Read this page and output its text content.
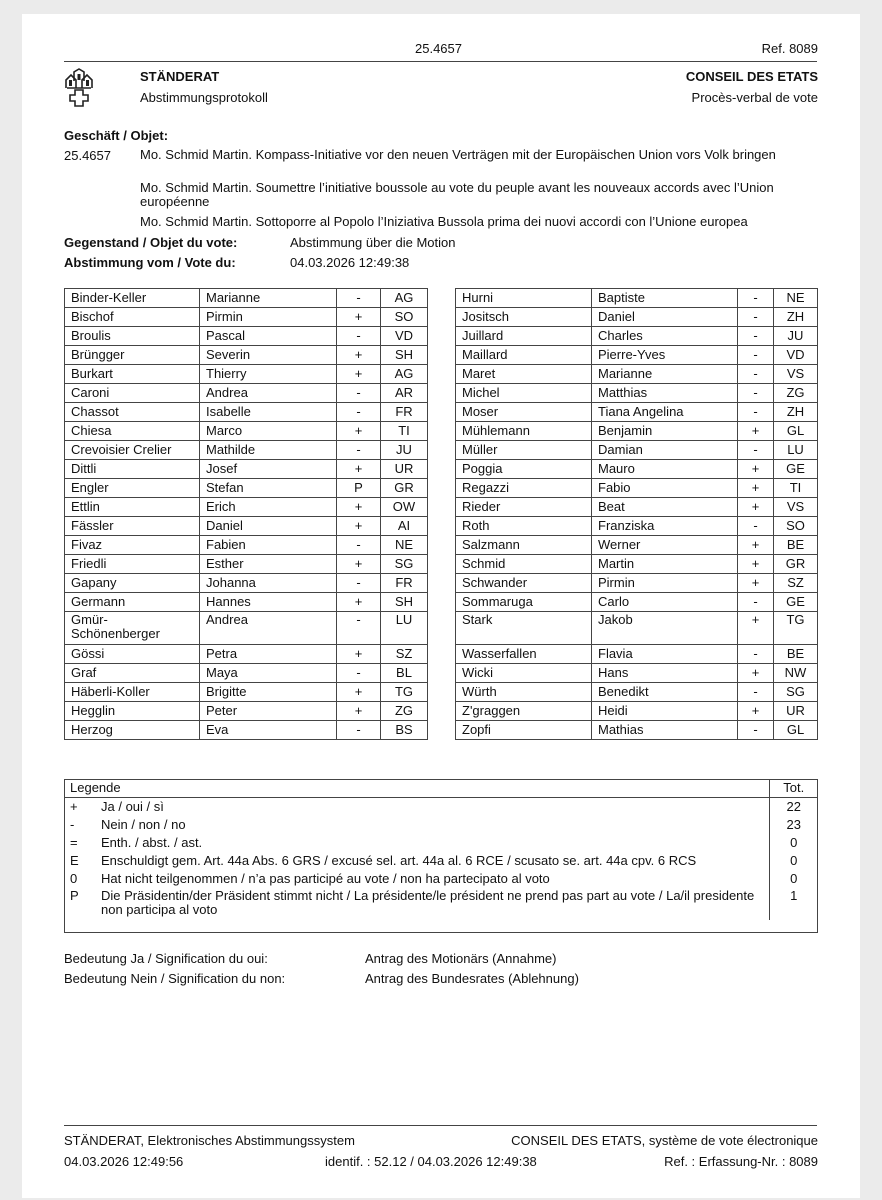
25.4657	Ref. 8089
STÄNDERAT
Abstimmungsprotokoll
CONSEIL DES ETATS
Procès-verbal de vote
Geschäft / Objet:
25.4657 Mo. Schmid Martin. Kompass-Initiative vor den neuen Verträgen mit der Europäischen Union vors Volk bringen
Mo. Schmid Martin. Soumettre l’initiative boussole au vote du peuple avant les nouveaux accords avec l’Union européenne
Mo. Schmid Martin. Sottoporre al Popolo l’Iniziativa Bussola prima dei nuovi accordi con l’Unione europea
Gegenstand / Objet du vote:	Abstimmung über die Motion
Abstimmung vom / Vote du:	04.03.2026 12:49:38
Binder-Keller	Marianne	-	AG
Bischof	Pirmin	+	SO
Broulis	Pascal	-	VD
Brüngger	Severin	+	SH
Burkart	Thierry	+	AG
Caroni	Andrea	-	AR
Chassot	Isabelle	-	FR
Chiesa	Marco	+	TI
Crevoisier Crelier	Mathilde	-	JU
Dittli	Josef	+	UR
Engler	Stefan	P	GR
Ettlin	Erich	+	OW
Fässler	Daniel	+	AI
Fivaz	Fabien	-	NE
Friedli	Esther	+	SG
Gapany	Johanna	-	FR
Germann	Hannes	+	SH
Gmür-Schönenberger	Andrea	-	LU
Gössi	Petra	+	SZ
Graf	Maya	-	BL
Häberli-Koller	Brigitte	+	TG
Hegglin	Peter	+	ZG
Herzog	Eva	-	BS
Hurni	Baptiste	-	NE
Jositsch	Daniel	-	ZH
Juillard	Charles	-	JU
Maillard	Pierre-Yves	-	VD
Maret	Marianne	-	VS
Michel	Matthias	-	ZG
Moser	Tiana Angelina	-	ZH
Mühlemann	Benjamin	+	GL
Müller	Damian	-	LU
Poggia	Mauro	+	GE
Regazzi	Fabio	+	TI
Rieder	Beat	+	VS
Roth	Franziska	-	SO
Salzmann	Werner	+	BE
Schmid	Martin	+	GR
Schwander	Pirmin	+	SZ
Sommaruga	Carlo	-	GE
Stark	Jakob	+	TG
Wasserfallen	Flavia	-	BE
Wicki	Hans	+	NW
Würth	Benedikt	-	SG
Z'graggen	Heidi	+	UR
Zopfi	Mathias	-	GL
Legende		Tot.
+	Ja / oui / sì	22
-	Nein / non / no	23
=	Enth. / abst. / ast.	0
E	Enschuldigt gem. Art. 44a Abs. 6 GRS / excusé sel. art. 44a al. 6 RCE / scusato se. art. 44a cpv. 6 RCS	0
0	Hat nicht teilgenommen / n’a pas participé au vote / non ha partecipato al voto	0
P	Die Präsidentin/der Präsident stimmt nicht / La présidente/le président ne prend pas part au vote / La/il presidente non participa al voto	1
Bedeutung Ja / Signification du oui:	Antrag des Motionärs (Annahme)
Bedeutung Nein / Signification du non:	Antrag des Bundesrates (Ablehnung)
STÄNDERAT, Elektronisches Abstimmungssystem	CONSEIL DES ETATS, système de vote électronique
04.03.2026 12:49:56	identif. : 52.12 / 04.03.2026 12:49:38	Ref. : Erfassung-Nr. : 8089
